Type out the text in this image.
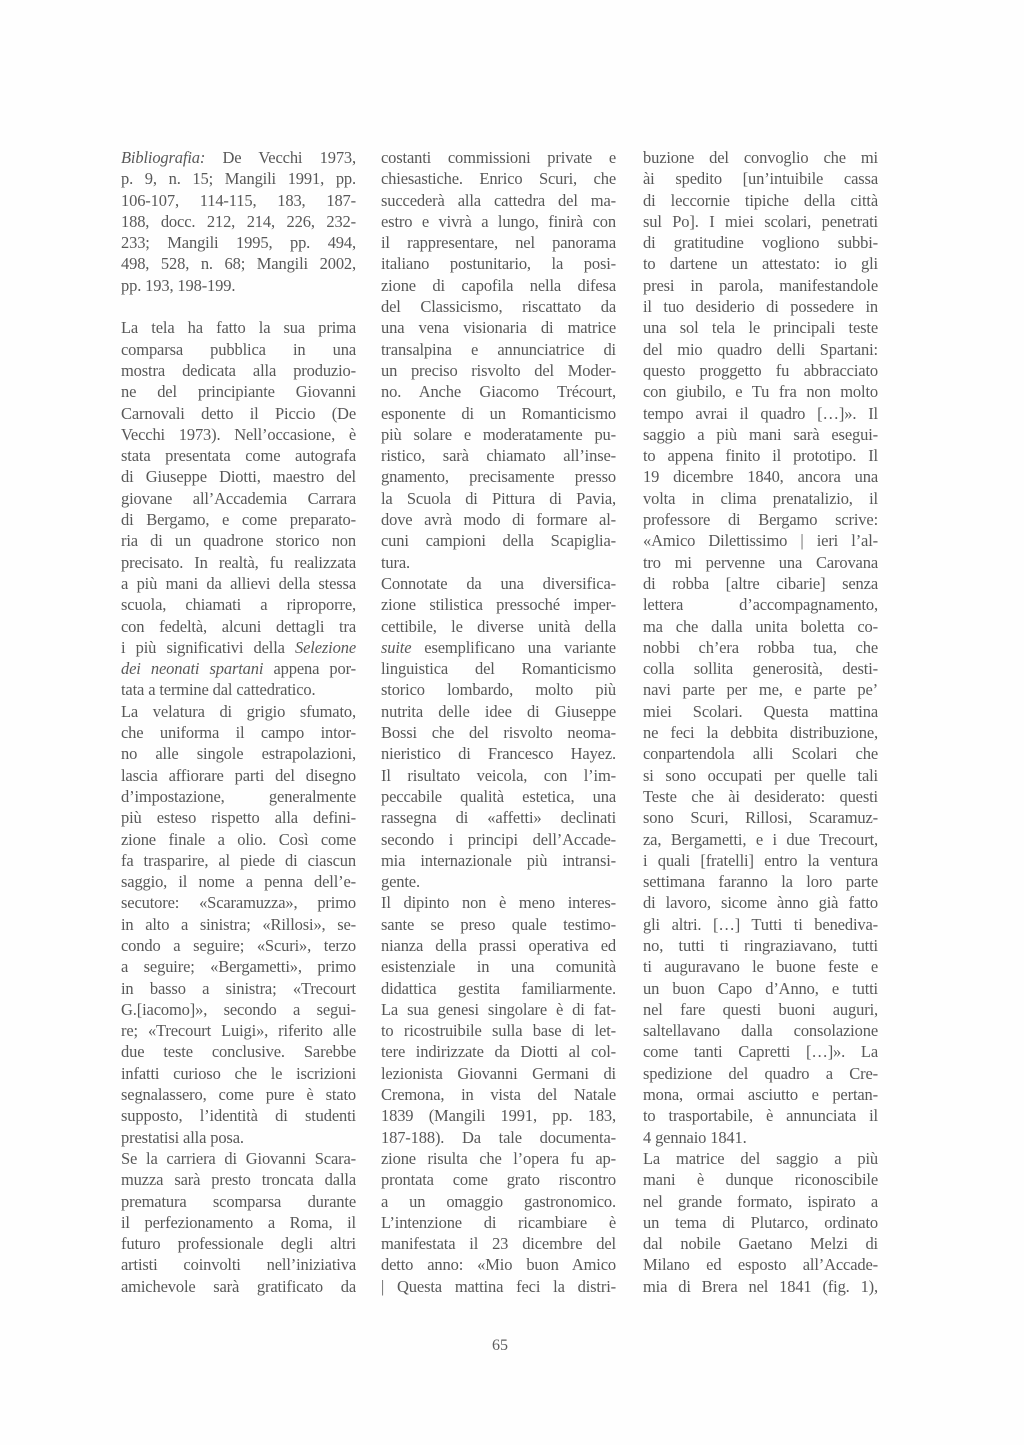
Bibliografia: De Vecchi 1973,
p. 9, n. 15; Mangili 1991, pp.
106-107, 114-115, 183, 187-
188, docc. 212, 214, 226, 232-
233; Mangili 1995, pp. 494,
498, 528, n. 68; Mangili 2002,
pp. 193, 198-199.
La tela ha fatto la sua prima
comparsa pubblica in una
mostra dedicata alla produzio-
ne del principiante Giovanni
Carnovali detto il Piccio (De
Vecchi 1973). Nell’occasione, è
stata presentata come autografa
di Giuseppe Diotti, maestro del
giovane all’Accademia Carrara
di Bergamo, e come preparato-
ria di un quadrone storico non
precisato. In realtà, fu realizzata
a più mani da allievi della stessa
scuola, chiamati a riproporre,
con fedeltà, alcuni dettagli tra
i più significativi della Selezione
dei neonati spartani appena por-
tata a termine dal cattedratico.
La velatura di grigio sfumato,
che uniforma il campo intor-
no alle singole estrapolazioni,
lascia affiorare parti del disegno
d’impostazione, generalmente
più esteso rispetto alla defini-
zione finale a olio. Così come
fa trasparire, al piede di ciascun
saggio, il nome a penna dell’e-
secutore: «Scaramuzza», primo
in alto a sinistra; «Rillosi», se-
condo a seguire; «Scuri», terzo
a seguire; «Bergametti», primo
in basso a sinistra; «Trecourt
G.[iacomo]», secondo a segui-
re; «Trecourt Luigi», riferito alle
due teste conclusive. Sarebbe
infatti curioso che le iscrizioni
segnalassero, come pure è stato
supposto, l’identità di studenti
prestatisi alla posa.
Se la carriera di Giovanni Scara-
muzza sarà presto troncata dalla
prematura scomparsa durante
il perfezionamento a Roma, il
futuro professionale degli altri
artisti coinvolti nell’iniziativa
amichevole sarà gratificato da
costanti commissioni private e
chiesastiche. Enrico Scuri, che
succederà alla cattedra del ma-
estro e vivrà a lungo, finirà con
il rappresentare, nel panorama
italiano postunitario, la posi-
zione di capofila nella difesa
del Classicismo, riscattato da
una vena visionaria di matrice
transalpina e annunciatrice di
un preciso risvolto del Moder-
no. Anche Giacomo Trécourt,
esponente di un Romanticismo
più solare e moderatamente pu-
ristico, sarà chiamato all’inse-
gnamento, precisamente presso
la Scuola di Pittura di Pavia,
dove avrà modo di formare al-
cuni campioni della Scapiglia-
tura.
Connotate da una diversifica-
zione stilistica pressoché imper-
cettibile, le diverse unità della
suite esemplificano una variante
linguistica del Romanticismo
storico lombardo, molto più
nutrita delle idee di Giuseppe
Bossi che del risvolto neoma-
nieristico di Francesco Hayez.
Il risultato veicola, con l’im-
peccabile qualità estetica, una
rassegna di «affetti» declinati
secondo i principi dell’Accade-
mia internazionale più intransi-
gente.
Il dipinto non è meno interes-
sante se preso quale testimo-
nianza della prassi operativa ed
esistenziale in una comunità
didattica gestita familiarmente.
La sua genesi singolare è di fat-
to ricostruibile sulla base di let-
tere indirizzate da Diotti al col-
lezionista Giovanni Germani di
Cremona, in vista del Natale
1839 (Mangili 1991, pp. 183,
187-188). Da tale documenta-
zione risulta che l’opera fu ap-
prontata come grato riscontro
a un omaggio gastronomico.
L’intenzione di ricambiare è
manifestata il 23 dicembre del
detto anno: «Mio buon Amico
| Questa mattina feci la distri-
buzione del convoglio che mi
ài spedito [un’intuibile cassa
di leccornie tipiche della città
sul Po]. I miei scolari, penetrati
di gratitudine vogliono subbi-
to dartene un attestato: io gli
presi in parola, manifestandole
il tuo desiderio di possedere in
una sol tela le principali teste
del mio quadro delli Spartani:
questo proggetto fu abbracciato
con giubilo, e Tu fra non molto
tempo avrai il quadro […]». Il
saggio a più mani sarà esegui-
to appena finito il prototipo. Il
19 dicembre 1840, ancora una
volta in clima prenatalizio, il
professore di Bergamo scrive:
«Amico Dilettissimo | ieri l’al-
tro mi pervenne una Carovana
di robba [altre cibarie] senza
lettera d’accompagnamento,
ma che dalla unita boletta co-
nobbi ch’era robba tua, che
colla sollita generosità, desti-
navi parte per me, e parte pe’
miei Scolari. Questa mattina
ne feci la debbita distribuzione,
conpartendola alli Scolari che
si sono occupati per quelle tali
Teste che ài desiderato: questi
sono Scuri, Rillosi, Scaramuz-
za, Bergametti, e i due Trecourt,
i quali [fratelli] entro la ventura
settimana faranno la loro parte
di lavoro, sicome ànno già fatto
gli altri. […] Tutti ti benediva-
no, tutti ti ringraziavano, tutti
ti auguravano le buone feste e
un buon Capo d’Anno, e tutti
nel fare questi buoni auguri,
saltellavano dalla consolazione
come tanti Capretti […]». La
spedizione del quadro a Cre-
mona, ormai asciutto e pertan-
to trasportabile, è annunciata il
4 gennaio 1841.
La matrice del saggio a più
mani è dunque riconoscibile
nel grande formato, ispirato a
un tema di Plutarco, ordinato
dal nobile Gaetano Melzi di
Milano ed esposto all’Accade-
mia di Brera nel 1841 (fig. 1),
65
